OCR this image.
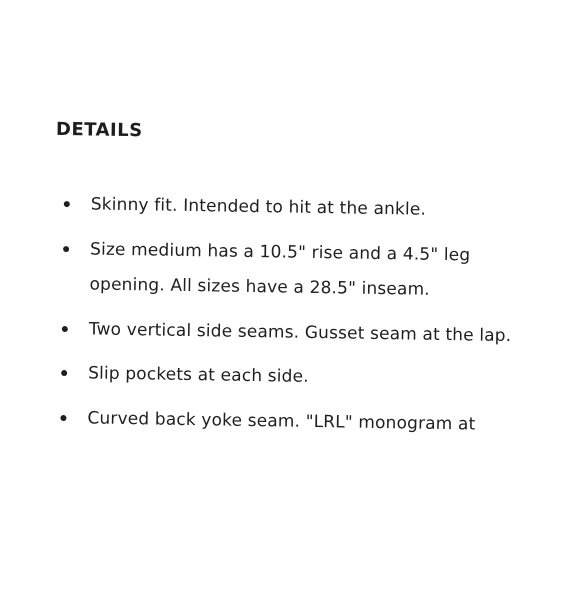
DETAILS
Skinny fit. Intended to hit at the ankle.
Size medium has a 10.5" rise and a 4.5" leg opening. All sizes have a 28.5" inseam.
Two vertical side seams. Gusset seam at the lap.
Slip pockets at each side.
Curved back yoke seam. "LRL" monogram at
